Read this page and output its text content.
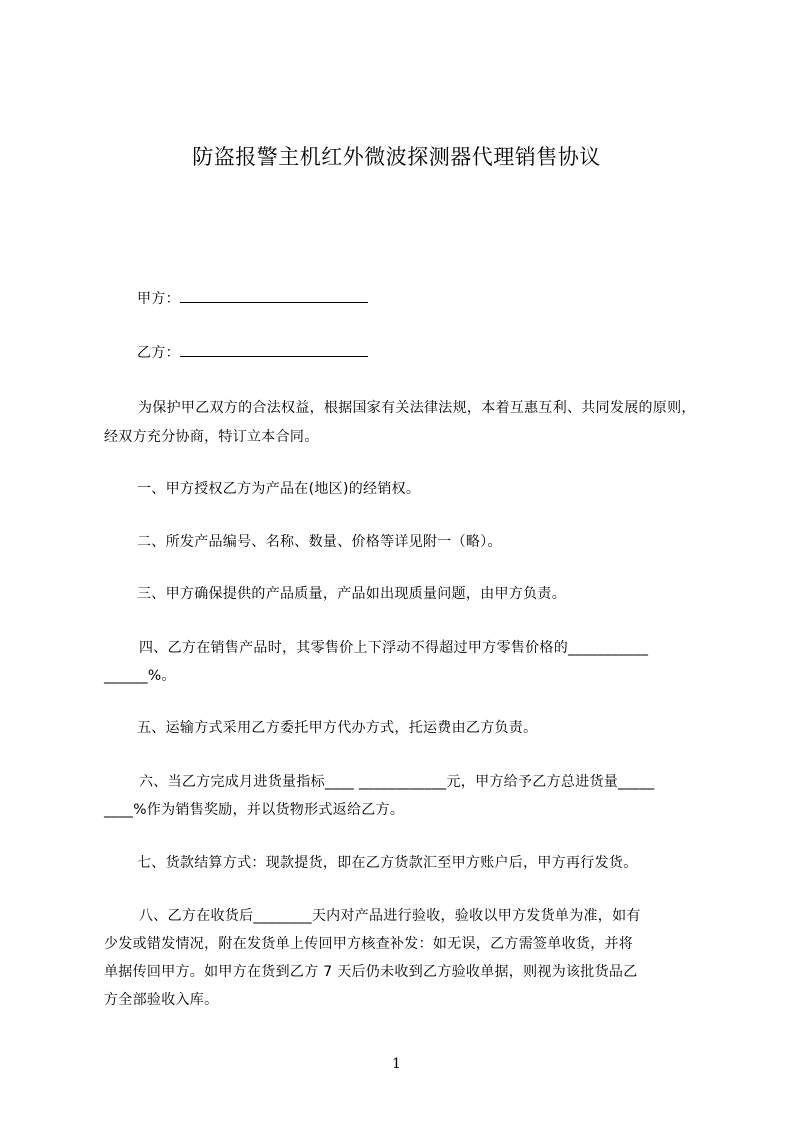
防盗报警主机红外微波探测器代理销售协议
甲方：
乙方：
为保护甲乙双方的合法权益，根据国家有关法律法规，本着互惠互利、共同发展的原则，经双方充分协商，特订立本合同。
一、甲方授权乙方为产品在(地区)的经销权。
二、所发产品编号、名称、数量、价格等详见附一（略）。
三、甲方确保提供的产品质量，产品如出现质量问题，由甲方负责。
四、乙方在销售产品时，其零售价上下浮动不得超过甲方零售价格的___________
______%。
五、运输方式采用乙方委托甲方代办方式，托运费由乙方负责。
六、当乙方完成月进货量指标____ ____________元，甲方给予乙方总进货量_____
____%作为销售奖励，并以货物形式返给乙方。
七、货款结算方式：现款提货，即在乙方货款汇至甲方账户后，甲方再行发货。
八、乙方在收货后________天内对产品进行验收，验收以甲方发货单为准，如有
少发或错发情况，附在发货单上传回甲方核查补发：如无误，乙方需签单收货，并将
单据传回甲方。如甲方在货到乙方 7 天后仍未收到乙方验收单据，则视为该批货品乙
方全部验收入库。
1
